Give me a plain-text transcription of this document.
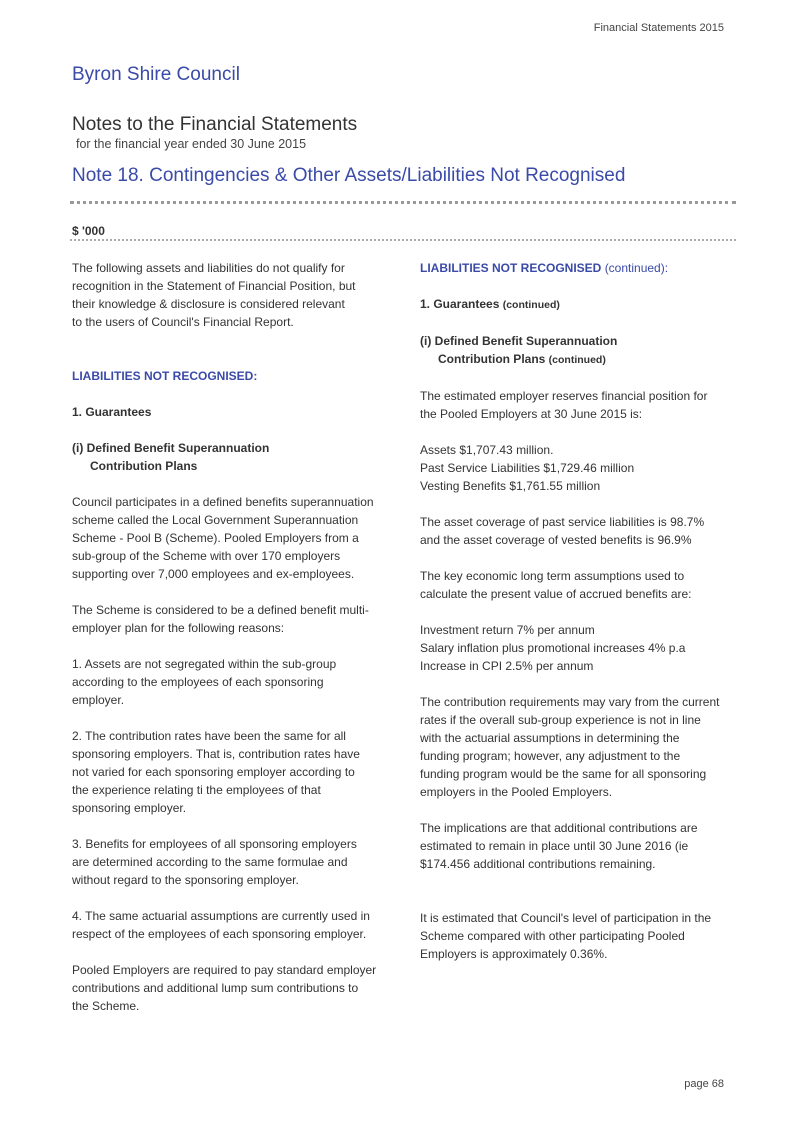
Financial Statements 2015
Byron Shire Council
Notes to the Financial Statements
for the financial year ended 30 June 2015
Note 18. Contingencies & Other Assets/Liabilities Not Recognised
$ '000

The following assets and liabilities do not qualify for
recognition in the Statement of Financial Position, but
their knowledge & disclosure is considered relevant
to the users of Council's Financial Report.

LIABILITIES NOT RECOGNISED:

1. Guarantees

(i) Defined Benefit Superannuation
Contribution Plans

Council participates in a defined benefits superannuation
scheme called the Local Government Superannuation
Scheme - Pool B (Scheme). Pooled Employers from a
sub-group of the Scheme with over 170 employers
supporting over 7,000 employees and ex-employees.

The Scheme is considered to be a defined benefit multi-
employer plan for the following reasons:

1. Assets are not segregated within the sub-group
according to the employees of each sponsoring
employer.

2. The contribution rates have been the same for all
sponsoring employers. That is, contribution rates have
not varied for each sponsoring employer according to
the experience relating ti the employees of that
sponsoring employer.

3. Benefits for employees of all sponsoring employers
are determined according to the same formulae and
without regard to the sponsoring employer.

4. The same actuarial assumptions are currently used in
respect of the employees of each sponsoring employer.

Pooled Employers are required to pay standard employer
contributions and additional lump sum contributions to
the Scheme.

LIABILITIES NOT RECOGNISED (continued):

1. Guarantees (continued)

(i) Defined Benefit Superannuation
Contribution Plans (continued)

The estimated employer reserves financial position for
the Pooled Employers at 30 June 2015 is:

Assets $1,707.43 million.
Past Service Liabilities $1,729.46 million
Vesting Benefits $1,761.55 million

The asset coverage of past service liabilities is 98.7%
and the asset coverage of vested benefits is 96.9%

The key economic long term assumptions used to
calculate the present value of accrued benefits are:

Investment return 7% per annum
Salary inflation plus promotional increases 4% p.a
Increase in CPI 2.5% per annum

The contribution requirements may vary from the current
rates if the overall sub-group experience is not in line
with the actuarial assumptions in determining the
funding program; however, any adjustment to the
funding program would be the same for all sponsoring
employers in the Pooled Employers.

The implications are that additional contributions are
estimated to remain in place until 30 June 2016 (ie
$174.456 additional contributions remaining.

It is estimated that Council's level of participation in the
Scheme compared with other participating Pooled
Employers is approximately 0.36%.

page 68
